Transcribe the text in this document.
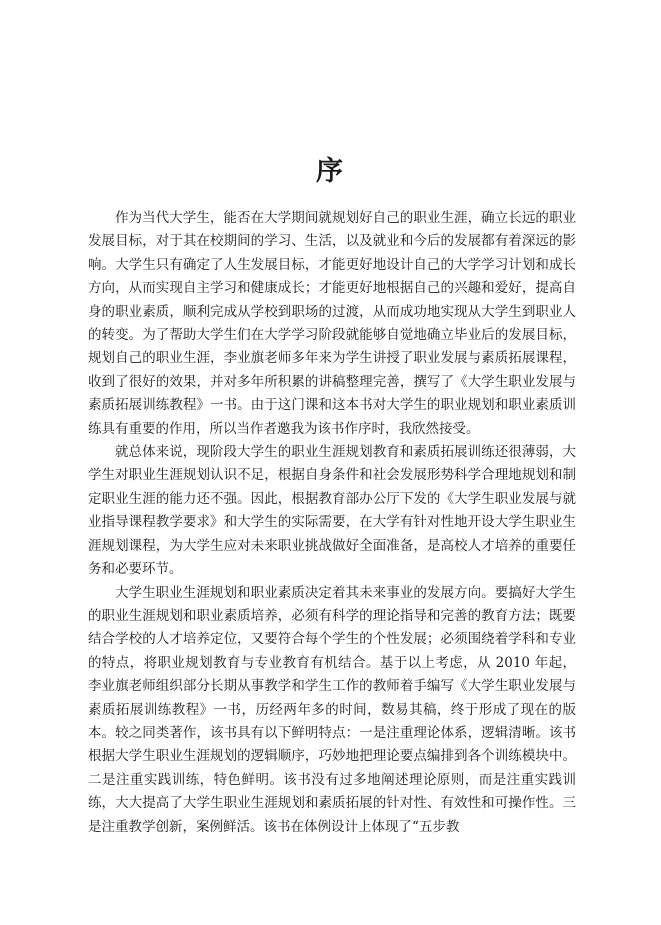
序

作为当代大学生，能否在大学期间就规划好自己的职业生涯，确立长远的职业发展目标，对于其在校期间的学习、生活，以及就业和今后的发展都有着深远的影响。大学生只有确定了人生发展目标，才能更好地设计自己的大学学习计划和成长方向，从而实现自主学习和健康成长；才能更好地根据自己的兴趣和爱好，提高自身的职业素质，顺利完成从学校到职场的过渡，从而成功地实现从大学生到职业人的转变。为了帮助大学生们在大学学习阶段就能够自觉地确立毕业后的发展目标，规划自己的职业生涯，李业旗老师多年来为学生讲授了职业发展与素质拓展课程，收到了很好的效果，并对多年所积累的讲稿整理完善，撰写了《大学生职业发展与素质拓展训练教程》一书。由于这门课和这本书对大学生的职业规划和职业素质训练具有重要的作用，所以当作者邀我为该书作序时，我欣然接受。

就总体来说，现阶段大学生的职业生涯规划教育和素质拓展训练还很薄弱，大学生对职业生涯规划认识不足，根据自身条件和社会发展形势科学合理地规划和制定职业生涯的能力还不强。因此，根据教育部办公厅下发的《大学生职业发展与就业指导课程教学要求》和大学生的实际需要，在大学有针对性地开设大学生职业生涯规划课程，为大学生应对未来职业挑战做好全面准备，是高校人才培养的重要任务和必要环节。

大学生职业生涯规划和职业素质决定着其未来事业的发展方向。要搞好大学生的职业生涯规划和职业素质培养，必须有科学的理论指导和完善的教育方法；既要结合学校的人才培养定位，又要符合每个学生的个性发展；必须围绕着学科和专业的特点，将职业规划教育与专业教育有机结合。基于以上考虑，从 2010 年起，李业旗老师组织部分长期从事教学和学生工作的教师着手编写《大学生职业发展与素质拓展训练教程》一书，历经两年多的时间，数易其稿，终于形成了现在的版本。较之同类著作，该书具有以下鲜明特点：一是注重理论体系，逻辑清晰。该书根据大学生职业生涯规划的逻辑顺序，巧妙地把理论要点编排到各个训练模块中。二是注重实践训练，特色鲜明。该书没有过多地阐述理论原则，而是注重实践训练，大大提高了大学生职业生涯规划和素质拓展的针对性、有效性和可操作性。三是注重教学创新，案例鲜活。该书在体例设计上体现了“五步教
